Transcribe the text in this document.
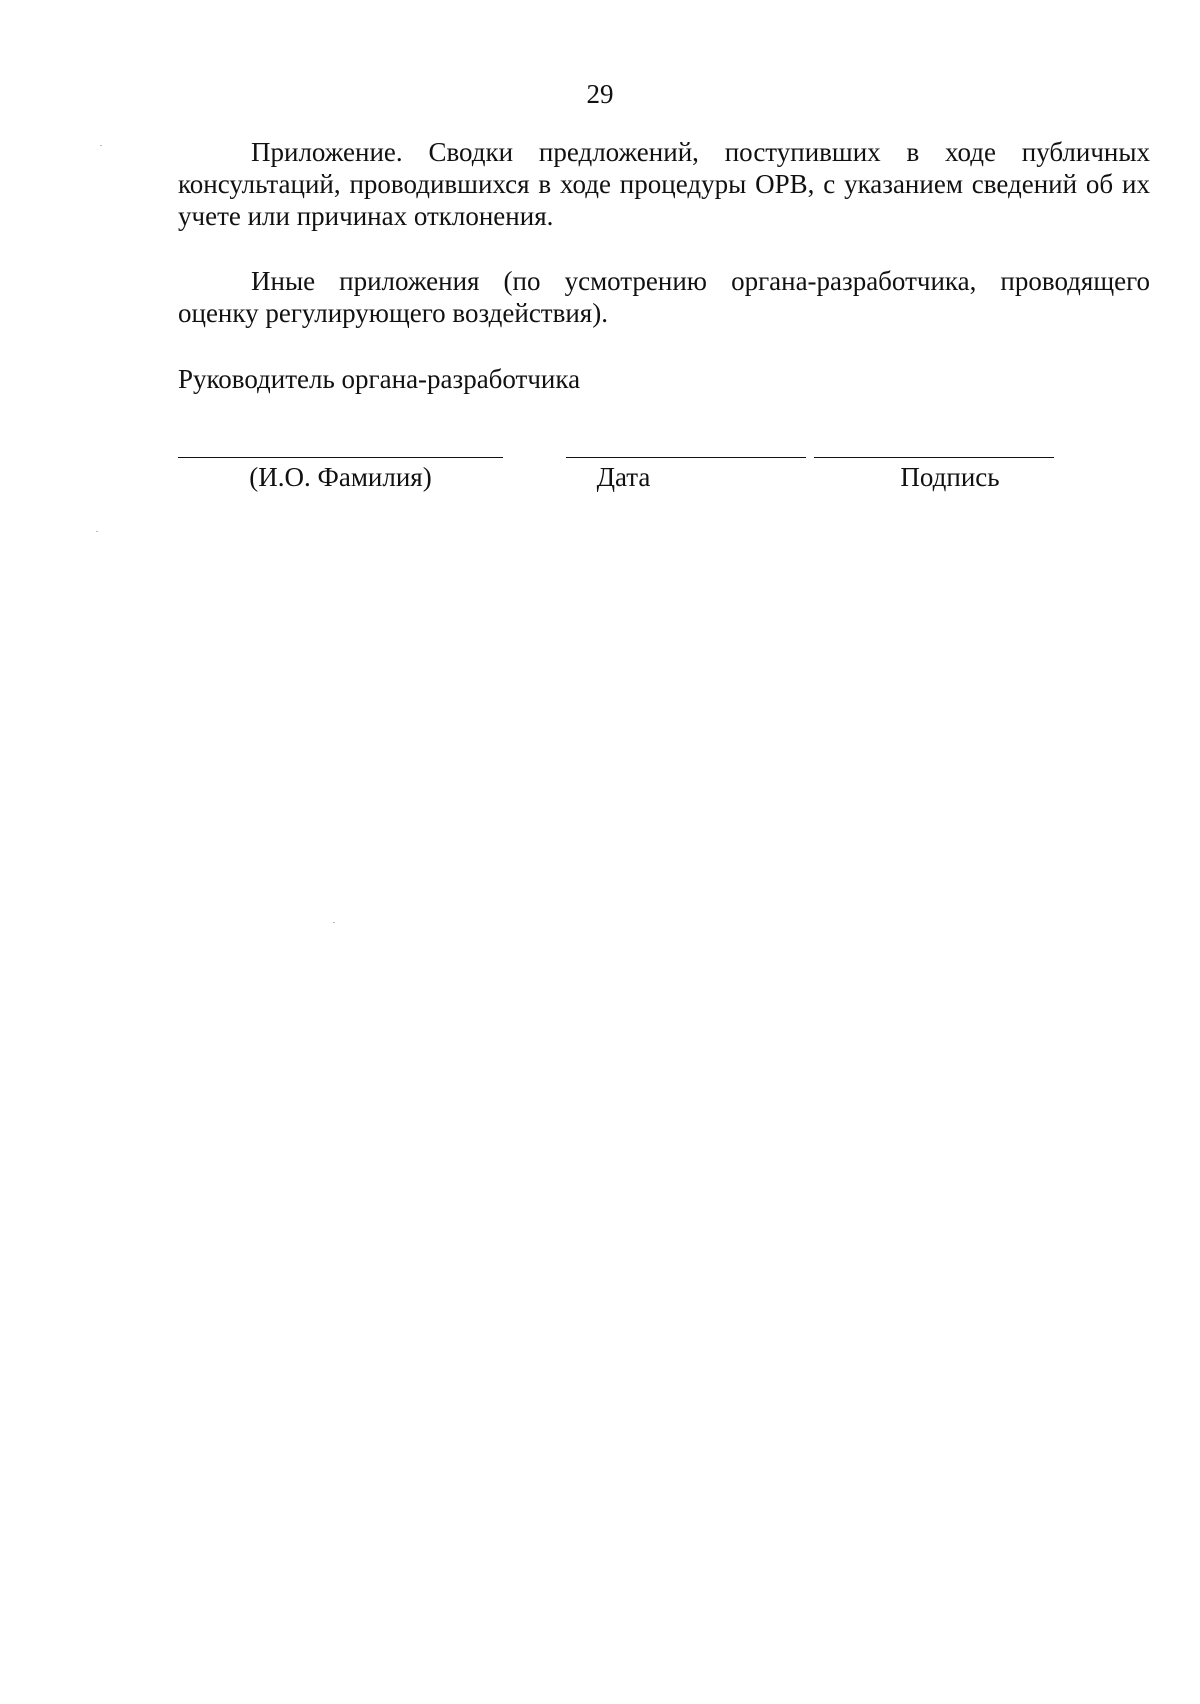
29

Приложение. Сводки предложений, поступивших в ходе публичных консультаций, проводившихся в ходе процедуры ОРВ, с указанием сведений об их учете или причинах отклонения.

Иные приложения (по усмотрению органа-разработчика, проводящего оценку регулирующего воздействия).

Руководитель органа-разработчика

(И.О. Фамилия)	Дата	Подпись
